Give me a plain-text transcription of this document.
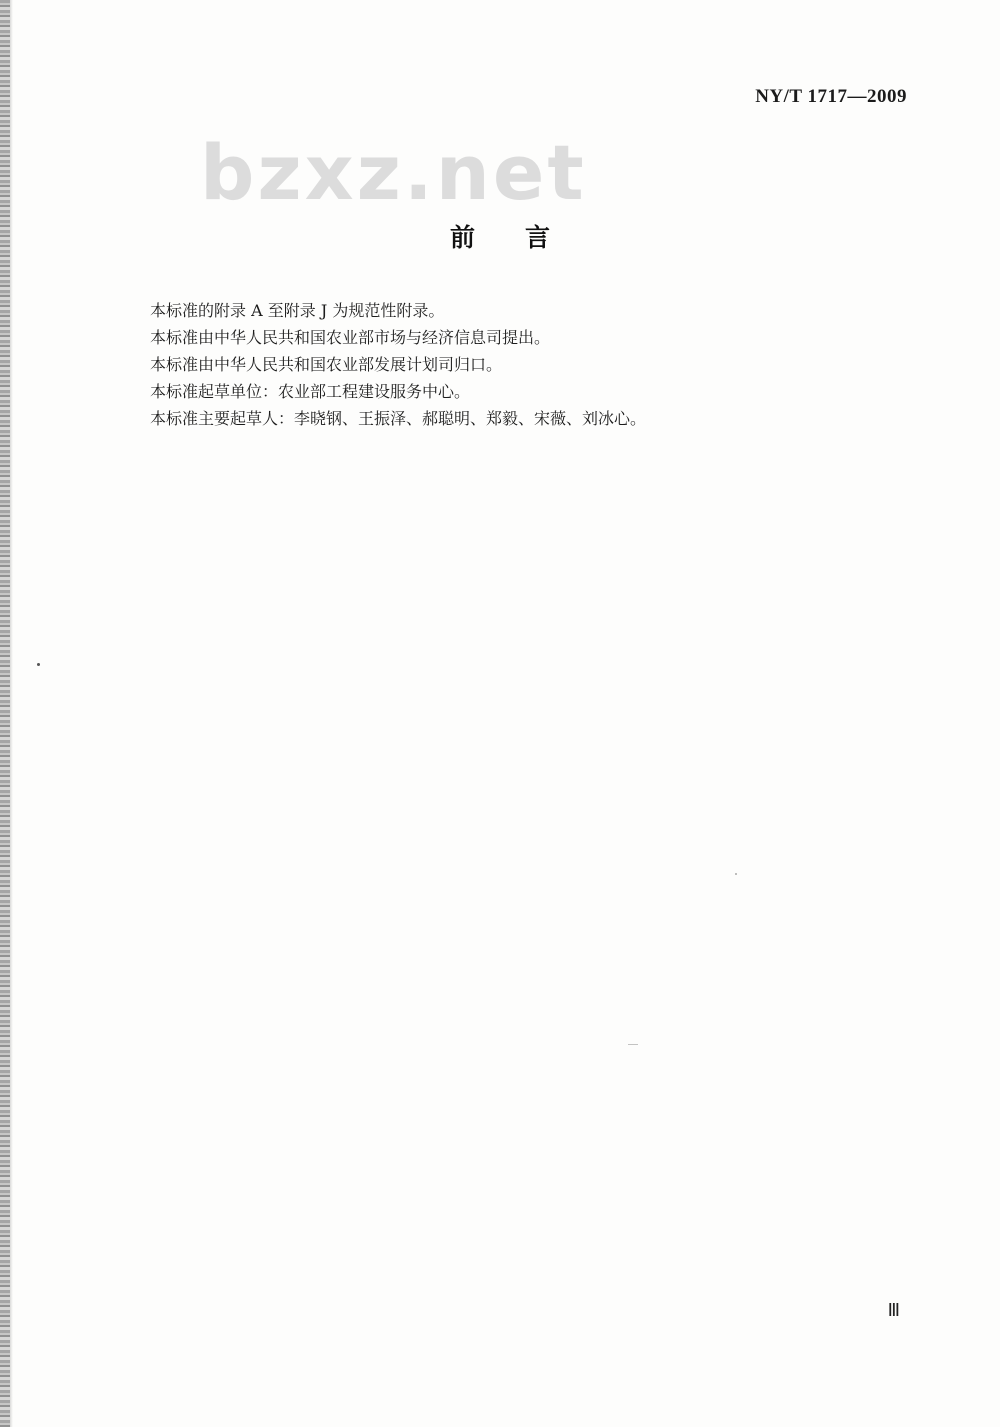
NY/T 1717—2009
bzxz.net
前 言

本标准的附录 A 至附录 J 为规范性附录。

本标准由中华人民共和国农业部市场与经济信息司提出。

本标准由中华人民共和国农业部发展计划司归口。

本标准起草单位：农业部工程建设服务中心。

本标准主要起草人：李晓钢、王振泽、郝聪明、郑毅、宋薇、刘冰心。

Ⅲ
